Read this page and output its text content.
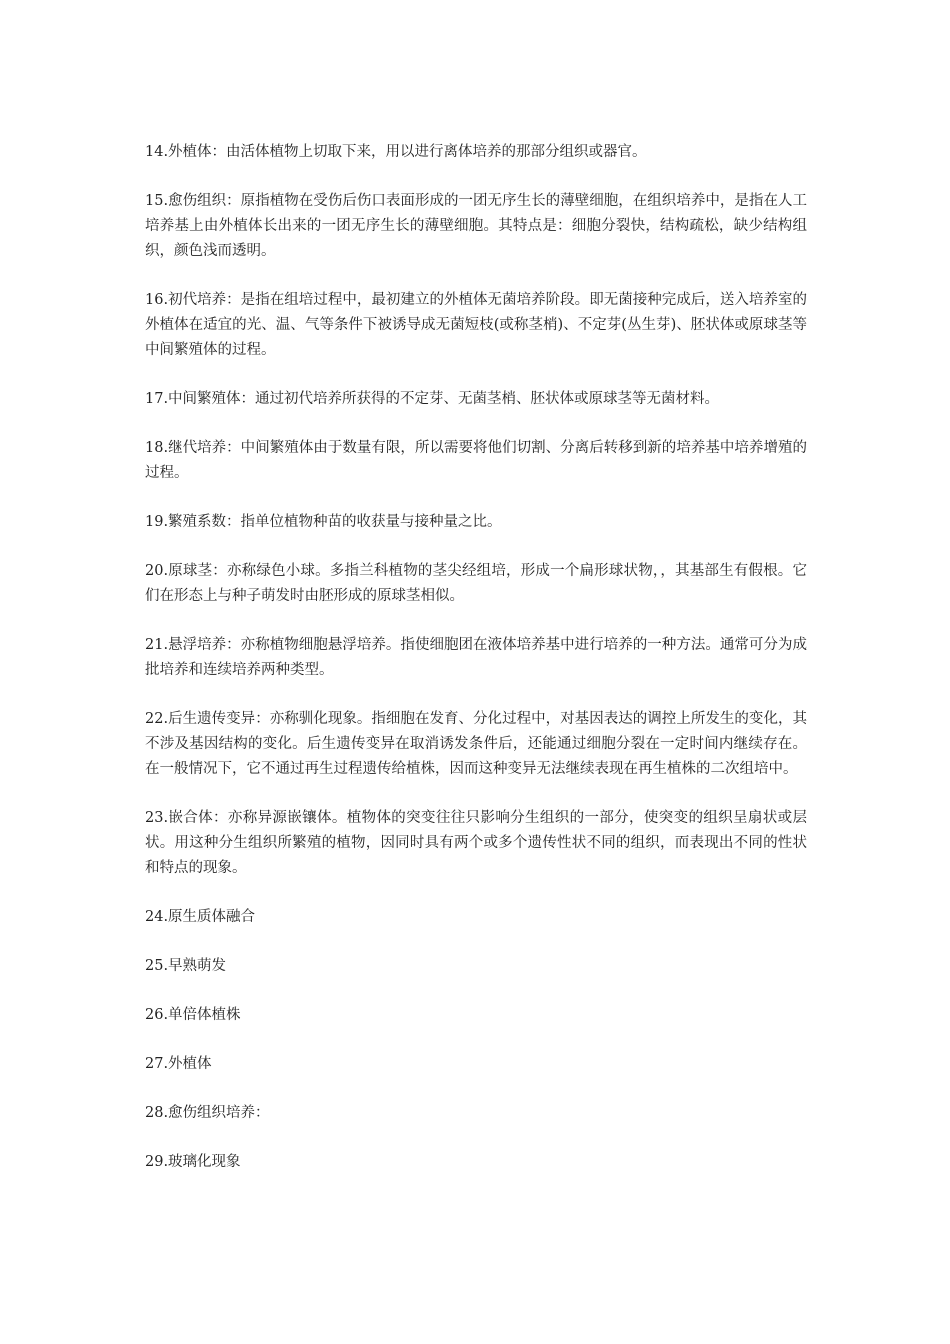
14.外植体：由活体植物上切取下来，用以进行离体培养的那部分组织或器官。

15.愈伤组织：原指植物在受伤后伤口表面形成的一团无序生长的薄壁细胞，在组织培养中，是指在人工培养基上由外植体长出来的一团无序生长的薄壁细胞。其特点是：细胞分裂快，结构疏松，缺少结构组织，颜色浅而透明。

16.初代培养：是指在组培过程中，最初建立的外植体无菌培养阶段。即无菌接种完成后，送入培养室的外植体在适宜的光、温、气等条件下被诱导成无菌短枝(或称茎梢)、不定芽(丛生芽)、胚状体或原球茎等中间繁殖体的过程。

17.中间繁殖体：通过初代培养所获得的不定芽、无菌茎梢、胚状体或原球茎等无菌材料。

18.继代培养：中间繁殖体由于数量有限，所以需要将他们切割、分离后转移到新的培养基中培养增殖的过程。

19.繁殖系数：指单位植物种苗的收获量与接种量之比。

20.原球茎：亦称绿色小球。多指兰科植物的茎尖经组培，形成一个扁形球状物，，其基部生有假根。它们在形态上与种子萌发时由胚形成的原球茎相似。

21.悬浮培养：亦称植物细胞悬浮培养。指使细胞团在液体培养基中进行培养的一种方法。通常可分为成批培养和连续培养两种类型。

22.后生遗传变异：亦称驯化现象。指细胞在发育、分化过程中，对基因表达的调控上所发生的变化，其不涉及基因结构的变化。后生遗传变异在取消诱发条件后，还能通过细胞分裂在一定时间内继续存在。在一般情况下，它不通过再生过程遗传给植株，因而这种变异无法继续表现在再生植株的二次组培中。

23.嵌合体：亦称异源嵌镶体。植物体的突变往往只影响分生组织的一部分，使突变的组织呈扇状或层状。用这种分生组织所繁殖的植物，因同时具有两个或多个遗传性状不同的组织，而表现出不同的性状和特点的现象。

24.原生质体融合

25.早熟萌发

26.单倍体植株

27.外植体

28.愈伤组织培养：

29.玻璃化现象
